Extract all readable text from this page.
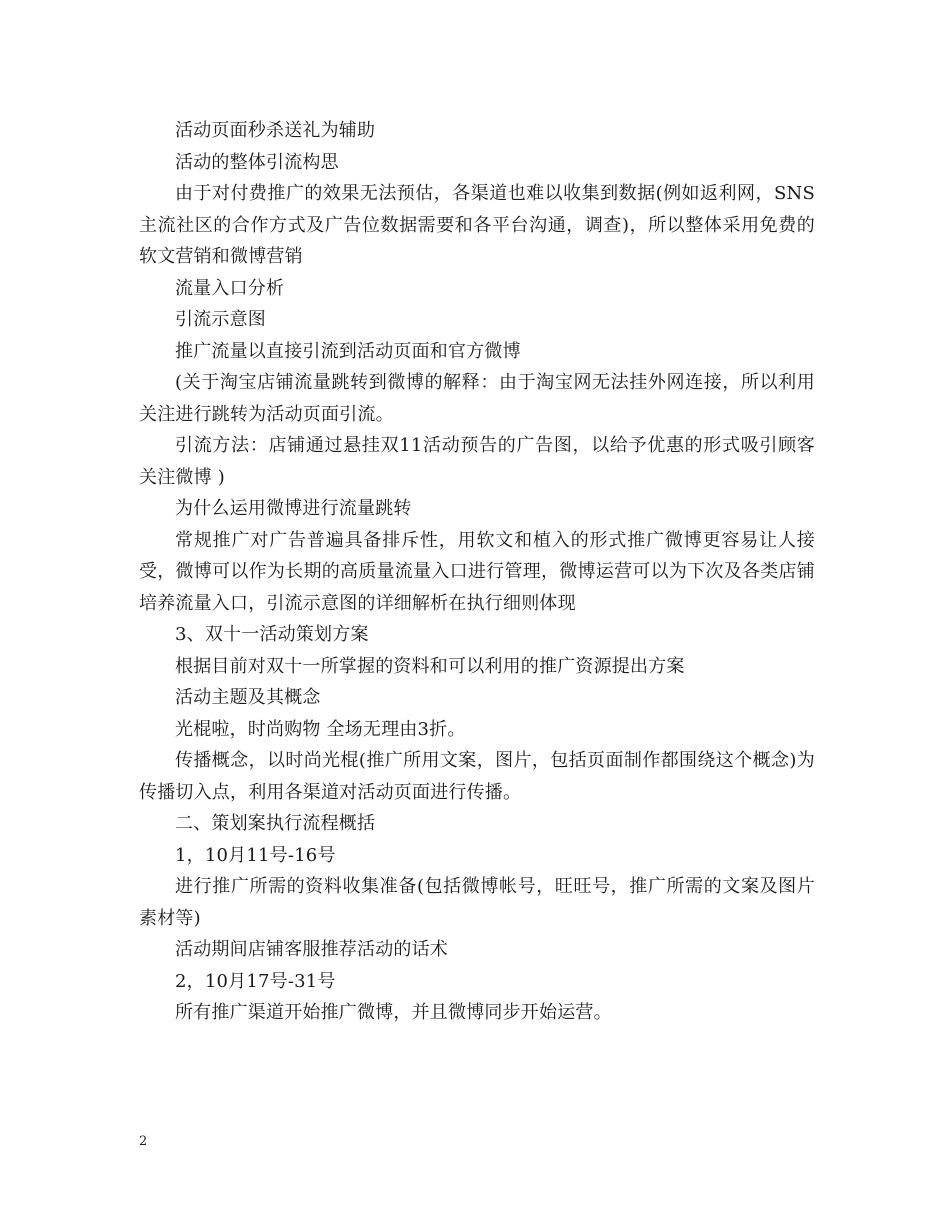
活动页面秒杀送礼为辅助

活动的整体引流构思

由于对付费推广的效果无法预估，各渠道也难以收集到数据(例如返利网，SNS主流社区的合作方式及广告位数据需要和各平台沟通，调查)，所以整体采用免费的软文营销和微博营销

流量入口分析

引流示意图

推广流量以直接引流到活动页面和官方微博

(关于淘宝店铺流量跳转到微博的解释：由于淘宝网无法挂外网连接，所以利用关注进行跳转为活动页面引流。

引流方法：店铺通过悬挂双11活动预告的广告图，以给予优惠的形式吸引顾客关注微博 )

为什么运用微博进行流量跳转

常规推广对广告普遍具备排斥性，用软文和植入的形式推广微博更容易让人接受，微博可以作为长期的高质量流量入口进行管理，微博运营可以为下次及各类店铺培养流量入口，引流示意图的详细解析在执行细则体现

3、双十一活动策划方案

根据目前对双十一所掌握的资料和可以利用的推广资源提出方案

活动主题及其概念

光棍啦，时尚购物 全场无理由3折。

传播概念，以时尚光棍(推广所用文案，图片，包括页面制作都围绕这个概念)为传播切入点，利用各渠道对活动页面进行传播。

二、策划案执行流程概括

1，10月11号-16号

进行推广所需的资料收集准备(包括微博帐号，旺旺号，推广所需的文案及图片素材等)

活动期间店铺客服推荐活动的话术

2，10月17号-31号

所有推广渠道开始推广微博，并且微博同步开始运营。

2
